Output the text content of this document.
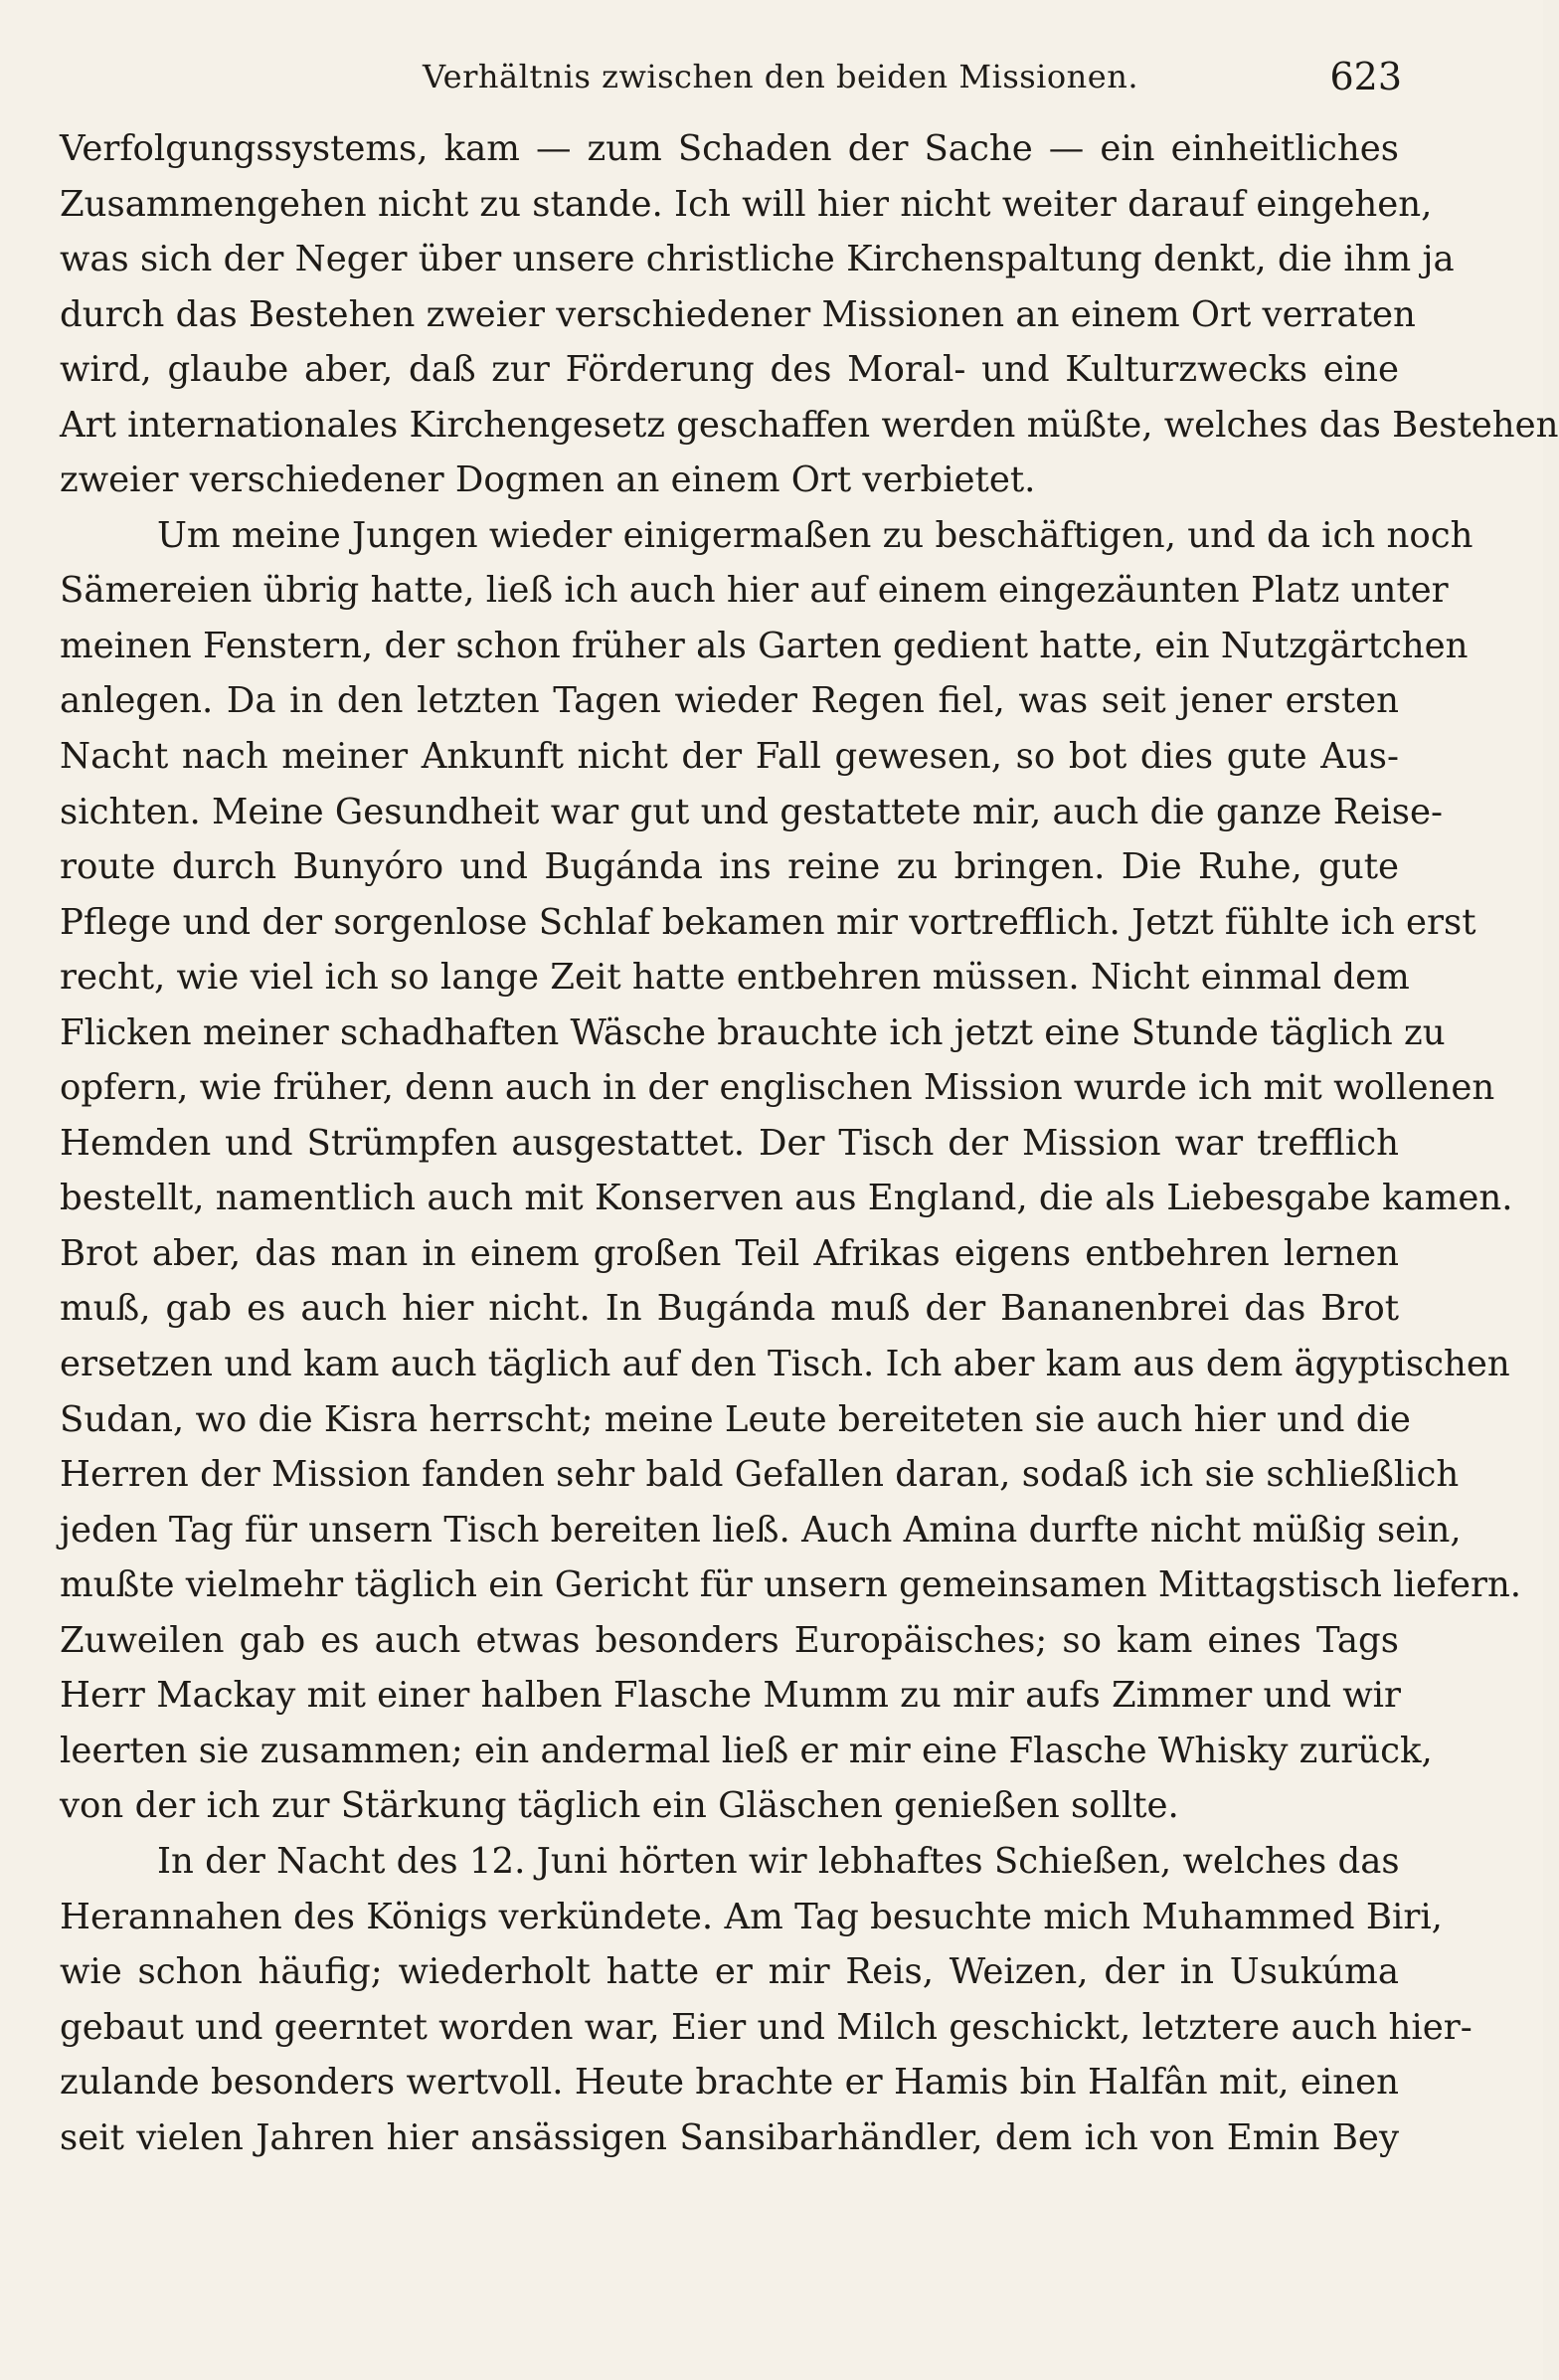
Verhältnis zwischen den beiden Missionen.	623
Verfolgungssystems, kam — zum Schaden der Sache — ein einheitliches
Zusammengehen nicht zu stande. Ich will hier nicht weiter darauf eingehen,
was sich der Neger über unsere christliche Kirchenspaltung denkt, die ihm ja
durch das Bestehen zweier verschiedener Missionen an einem Ort verraten
wird, glaube aber, daß zur Förderung des Moral- und Kulturzwecks eine
Art internationales Kirchengesetz geschaffen werden müßte, welches das Bestehen
zweier verschiedener Dogmen an einem Ort verbietet.
Um meine Jungen wieder einigermaßen zu beschäftigen, und da ich noch
Sämereien übrig hatte, ließ ich auch hier auf einem eingezäunten Platz unter
meinen Fenstern, der schon früher als Garten gedient hatte, ein Nutzgärtchen
anlegen. Da in den letzten Tagen wieder Regen fiel, was seit jener ersten
Nacht nach meiner Ankunft nicht der Fall gewesen, so bot dies gute Aus-
sichten. Meine Gesundheit war gut und gestattete mir, auch die ganze Reise-
route durch Bunyóro und Bugánda ins reine zu bringen. Die Ruhe, gute
Pflege und der sorgenlose Schlaf bekamen mir vortrefflich. Jetzt fühlte ich erst
recht, wie viel ich so lange Zeit hatte entbehren müssen. Nicht einmal dem
Flicken meiner schadhaften Wäsche brauchte ich jetzt eine Stunde täglich zu
opfern, wie früher, denn auch in der englischen Mission wurde ich mit wollenen
Hemden und Strümpfen ausgestattet. Der Tisch der Mission war trefflich
bestellt, namentlich auch mit Konserven aus England, die als Liebesgabe kamen.
Brot aber, das man in einem großen Teil Afrikas eigens entbehren lernen
muß, gab es auch hier nicht. In Bugánda muß der Bananenbrei das Brot
ersetzen und kam auch täglich auf den Tisch. Ich aber kam aus dem ägyptischen
Sudan, wo die Kisra herrscht; meine Leute bereiteten sie auch hier und die
Herren der Mission fanden sehr bald Gefallen daran, sodaß ich sie schließlich
jeden Tag für unsern Tisch bereiten ließ. Auch Amina durfte nicht müßig sein,
mußte vielmehr täglich ein Gericht für unsern gemeinsamen Mittagstisch liefern.
Zuweilen gab es auch etwas besonders Europäisches; so kam eines Tags
Herr Mackay mit einer halben Flasche Mumm zu mir aufs Zimmer und wir
leerten sie zusammen; ein andermal ließ er mir eine Flasche Whisky zurück,
von der ich zur Stärkung täglich ein Gläschen genießen sollte.
In der Nacht des 12. Juni hörten wir lebhaftes Schießen, welches das
Herannahen des Königs verkündete. Am Tag besuchte mich Muhammed Biri,
wie schon häufig; wiederholt hatte er mir Reis, Weizen, der in Usukúma
gebaut und geerntet worden war, Eier und Milch geschickt, letztere auch hier-
zulande besonders wertvoll. Heute brachte er Hamis bin Halfân mit, einen
seit vielen Jahren hier ansässigen Sansibarhändler, dem ich von Emin Bey
